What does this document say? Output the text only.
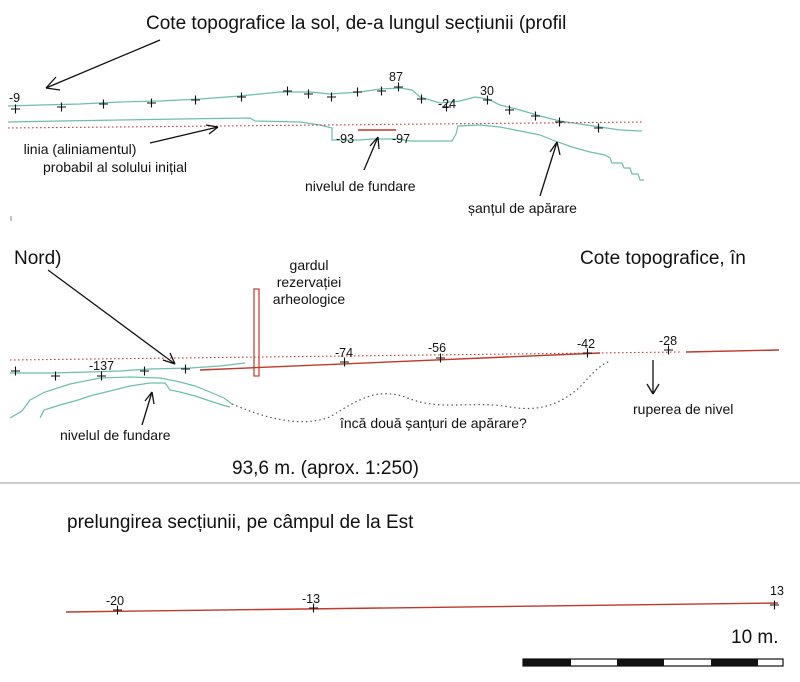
Cote topografice la sol, de-a lungul secțiunii (profil
-9
87
-24
30
-93	-97
linia (aliniamentul)
probabil al solului inițial
nivelul de fundare
șanțul de apărare
Nord)	Cote topografice, în
gardul
rezervației
arheologice
-137
-74	-56	-42	-28
nivelul de fundare
încă două șanțuri de apărare?
ruperea de nivel
93,6 m. (aprox. 1:250)
prelungirea secțiunii, pe câmpul de la Est
-20	-13
13
10 m.
